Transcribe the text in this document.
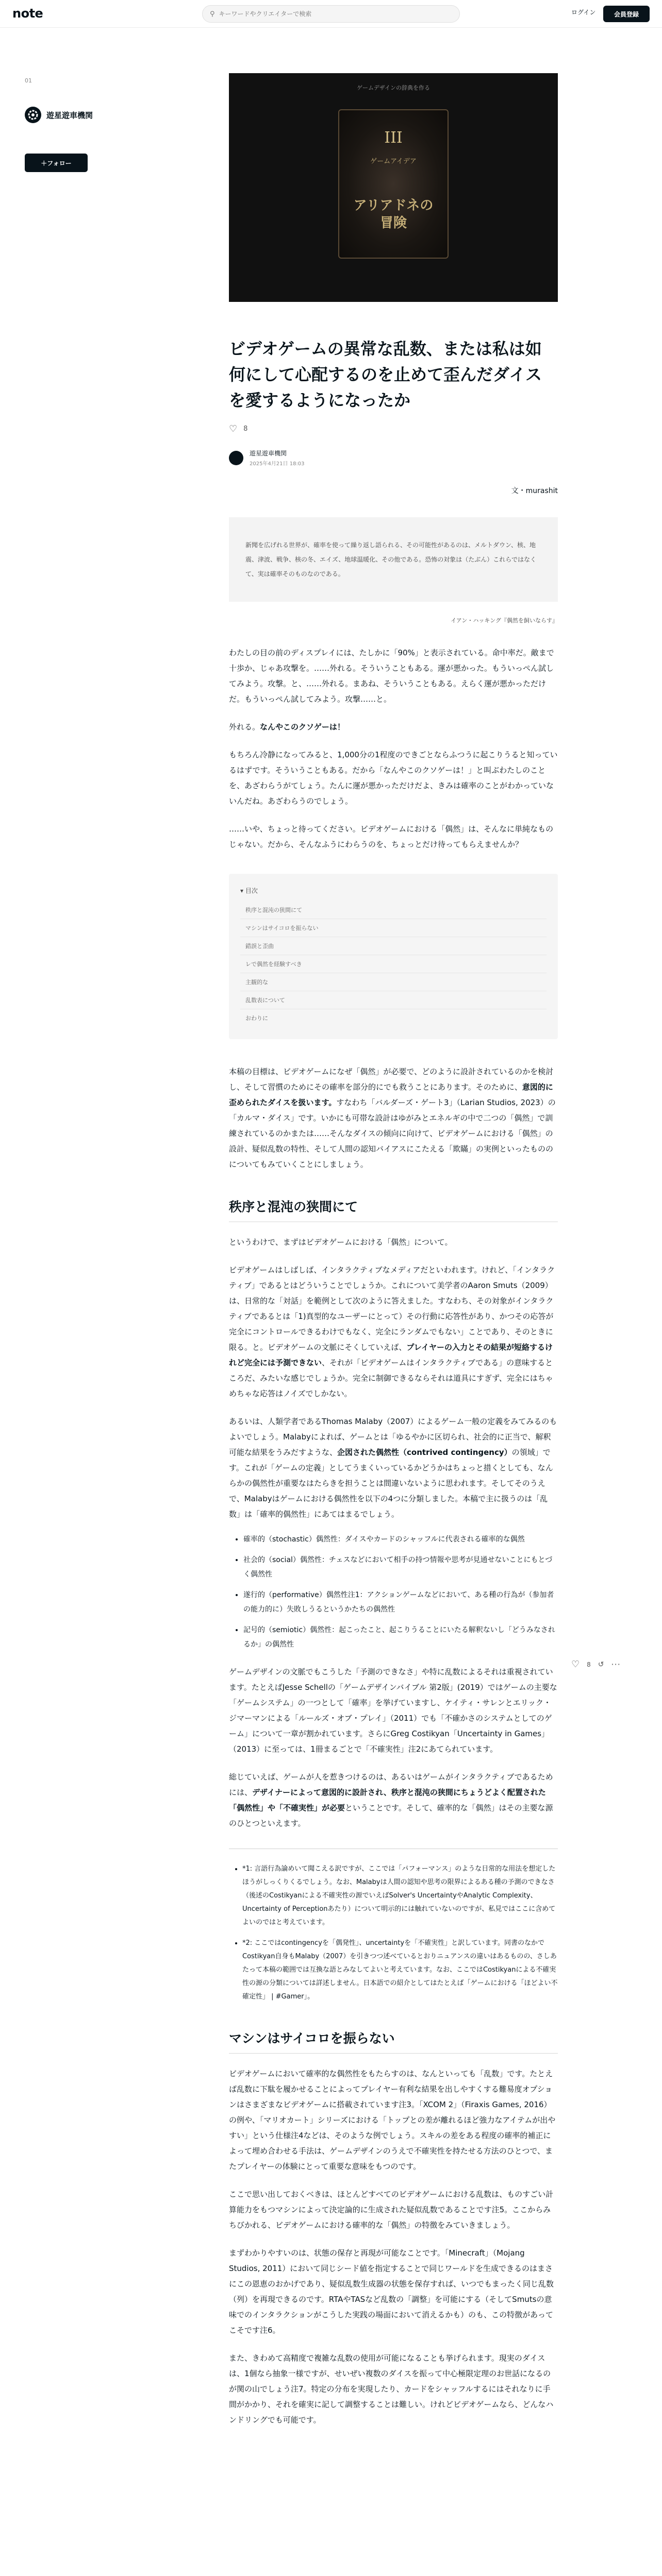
note	⚲
キーワードやクリエイターで検索	ログイン	会員登録
01
遊星遊車機関
＋フォロー
♡ 8 ↺ ···
ゲームデザインの辞典を作る
III
ゲームアイデア
アリアドネの
冒険
ビデオゲームの異常な乱数、または私は如何にして心配するのを止めて歪んだダイスを愛するようになったか
♡ 8
遊星遊車機関
2025年4月21日 18:03
文・murashit
新聞を広げれる世界が、確率を使って繰り返し語られる、その可能性があるのは、メルトダウン、核、地震、津波、戦争、核の冬、エイズ、地球温暖化、その他である。恐怖の対象は（たぶん）これらではなくて、実は確率そのものなのである。
イアン・ハッキング『偶然を飼いならす』

わたしの目の前のディスプレイには、たしかに「90%」と表示されている。命中率だ。敵まで十歩か、じゃあ攻撃を。……外れる。そういうこともある。運が悪かった。もういっぺん試してみよう。攻撃。と、……外れる。まあね、そういうこともある。えらく運が悪かっただけだ。もういっぺん試してみよう。攻撃……と。

外れる。なんやこのクソゲーは！

もちろん冷静になってみると、1,000分の1程度のできごとならふつうに起こりうると知っているはずです。そういうこともある。だから「なんやこのクソゲーは！」と叫ぶわたしのことを、あざわらうがてしょう。たんに運が悪かっただけだよ、きみは確率のことがわかっていないんだね。あざわらうのでしょう。

……いや、ちょっと待ってください。ビデオゲームにおける「偶然」は、そんなに単純なものじゃない。だから、そんなふうにわらうのを、ちょっとだけ待ってもらえませんか？

▾ 目次
秩序と混沌の狭間にて
マシンはサイコロを振らない
錯誤と歪曲
レで偶然を経験すべき
主観的な
乱数表について
おわりに

本稿の目標は、ビデオゲームになぜ「偶然」が必要で、どのように設計されているのかを検討し、そして習慣のためにその確率を部分的にでも救うことにあります。そのために、意図的に歪められたダイスを扱います。すなわち「バルダーズ・ゲート3」（Larian Studios, 2023）の「カルマ・ダイス」です。いかにも可帯な設計はゆがみとエネルギの中で二つの「偶然」で訓練されているのかまたは……そんなダイスの傾向に向けて、ビデオゲームにおける「偶然」の設計、疑似乱数の特性、そして人間の認知バイアスにこたえる「欺瞞」の実例といったもののについてもみていくことにしましょう。

秩序と混沌の狭間にて

というわけで、まずはビデオゲームにおける「偶然」について。

ビデオゲームはしばしば、インタラクティブなメディアだといわれます。けれど、「インタラクティブ」であるとはどういうことでしょうか。これについて美学者のAaron Smuts（2009）は、日常的な「対話」を範例として次のように答えました。すなわち、その対象がインタラクティブであるとは「1)真型的なユーザーにとって）その行動に応答性があり、かつその応答が完全にコントロールできるわけでもなく、完全にランダムでもない」ことであり、そのときに限る。と。ビデオゲームの文脈にそくしていえば、プレイヤーの入力とその結果が短絡するけれど完全には予測できない、それが「ビデオゲームはインタラクティブである」の意味するところだ、みたいな感じでしょうか。完全に制御できるならそれは道具にすぎず、完全にはちゃめちゃな応答はノイズでしかない。

あるいは、人類学者であるThomas Malaby（2007）によるゲーム一般の定義をみてみるのもよいでしょう。Malabyによれば、ゲームとは「ゆるやかに区切られ、社会的に正当で、解釈可能な結果をうみだすような、企図された偶然性（contrived contingency）の領域」です。これが「ゲームの定義」としてうまくいっているかどうかはちょっと措くとしても、なんらかの偶然性が重要なはたらきを担うことは間違いないように思われます。そしてそのうえで、Malabyはゲームにおける偶然性を以下の4つに分類しました。本稿で主に扱うのは「乱数」は「確率的偶然性」にあてはまるでしょう。

• 確率的（stochastic）偶然性：ダイスやカードのシャッフルに代表される確率的な偶然
• 社会的（social）偶然性：チェスなどにおいて相手の持つ情報や思考が見通せないことにもとづく偶然性
• 遂行的（performative）偶然性注1：アクションゲームなどにおいて、ある種の行為が（参加者の能力的に）失敗しうるというかたちの偶然性
• 記号的（semiotic）偶然性：起こったこと、起こりうることにいたる解釈ないし「どうみなされるか」の偶然性

ゲームデザインの文脈でもこうした「予測のできなさ」や特に乱数によるそれは重視されています。たとえばJesse Schellの「ゲームデザインバイブル 第2版」(2019）ではゲームの主要な「ゲームシステム」の一つとして「確率」を挙げていますし、ケイティ・サレンとエリック・ジマーマンによる「ルールズ・オブ・プレイ」（2011）でも「不確かさのシステムとしてのゲーム」について一章が割かれています。さらにGreg Costikyan「Uncertainty in Games」（2013）に至っては、1冊まるごとで「不確実性」注2にあてられています。

総じていえば、ゲームが人を惹きつけるのは、あるいはゲームがインタラクティブであるためには、デザイナーによって意図的に設計され、秩序と混沌の狭間にちょうどよく配置された「偶然性」や「不確実性」が必要ということです。そして、確率的な「偶然」はその主要な源のひとつといえます。

• *1: 言語行為論めいて聞こえる訳ですが、ここでは「パフォーマンス」のような日常的な用法を想定したほうがしっくりくるでしょう。なお、Malabyは人間の認知や思考の限界によるある種の予測のできなさ（後述のCostikyanによる不確実性の源でいえばSolver's UncertaintyやAnalytic Complexity、Uncertainty of Perceptionあたり）について明示的には触れていないのですが、私見ではここに含めてよいのではと考えています。
• *2: ここではcontingencyを「偶発性」、uncertaintyを「不確実性」と訳しています。同書のなかでCostikyan自身もMalaby（2007）を引きつつ述べているとおりニュアンスの違いはあるものの、さしあたって本稿の範囲では互換な語とみなしてよいと考えています。なお、ここではCostikyanによる不確実性の源の分類については詳述しません。日本語での紹介としてはたとえば「ゲームにおける「ほどよい不確定性」 | #Gamer」。
マシンはサイコロを振らない

ビデオゲームにおいて確率的な偶然性をもたらすのは、なんといっても「乱数」です。たとえば乱数に下駄を履かせることによってプレイヤー有利な結果を出しやすくする難易度オプションはさまざまなビデオゲームに搭載されています注3。「XCOM 2」（Firaxis Games, 2016）の例や、「マリオカート」シリーズにおける「トップとの差が離れるほど強力なアイテムが出やすい」という仕様注4などは、そのような例でしょう。スキルの差をある程度の確率的補正によって埋め合わせる手法は、ゲームデザインのうえで不確実性を持たせる方法のひとつで、またプレイヤーの体験にとって重要な意味をもつのです。

ここで思い出しておくべきは、ほとんどすべてのビデオゲームにおける乱数は、ものすごい計算能力をもつマシンによって決定論的に生成された疑似乱数であることです注5。ここからみちびかれる、ビデオゲームにおける確率的な「偶然」の特徴をみていきましょう。

まずわかりやすいのは、状態の保存と再現が可能なことです。「Minecraft」（Mojang Studios, 2011）において同じシード値を指定することで同じワールドを生成できるのはまさにこの恩恵のおかげであり、疑似乱数生成器の状態を保存すれば、いつでもまったく同じ乱数（列）を再現できるのです。RTAやTASなど乱数の「調整」を可能にする（そしてSmutsの意味でのインタラクションがこうした実践の場面において消えるかも）のも、この特徴があってこそです注6。

また、きわめて高精度で複雑な乱数の使用が可能になることも挙げられます。現実のダイスは、1個なら抽象一様ですが、せいぜい複数のダイスを振って中心極限定理のお世話になるのが関の山でしょう注7。特定の分布を実現したり、カードをシャッフルするにはそれなりに手間がかかり、それを確実に記して調整することは難しい。けれどビデオゲームなら、どんなハンドリングでも可能です。
